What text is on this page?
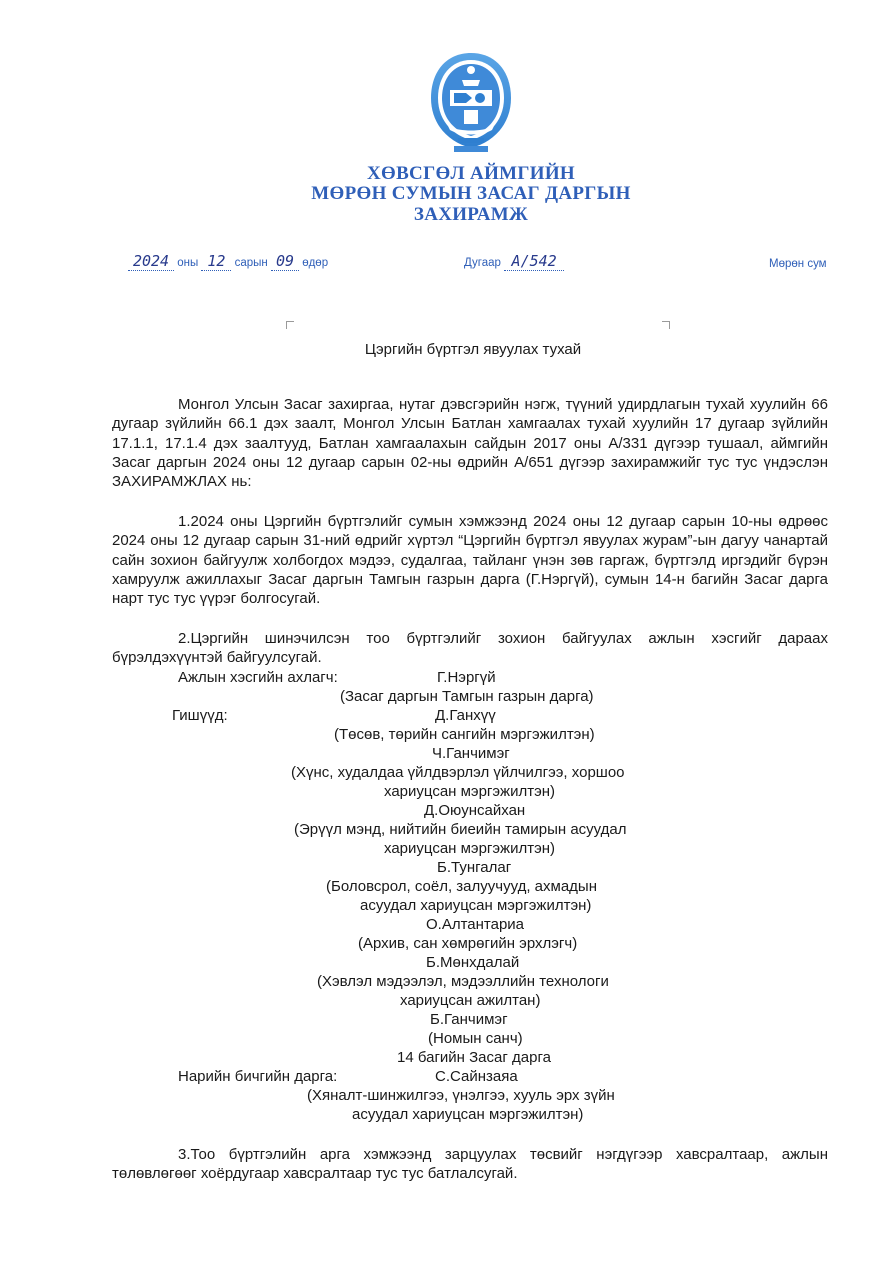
ХӨВСГӨЛ АЙМГИЙН
МӨРӨН СУМЫН ЗАСАГ ДАРГЫН
ЗАХИРАМЖ
2024 оны 12 сарын 09 өдөр	Дугаар А/542	Мөрөн сум
Цэргийн бүртгэл явуулах тухай
Монгол Улсын Засаг захиргаа, нутаг дэвсгэрийн нэгж, түүний удирдлагын тухай хуулийн 66 дугаар зүйлийн 66.1 дэх заалт, Монгол Улсын Батлан хамгаалах тухай хуулийн 17 дугаар зүйлийн 17.1.1, 17.1.4 дэх заалтууд, Батлан хамгаалахын сайдын 2017 оны А/331 дүгээр тушаал, аймгийн Засаг даргын 2024 оны 12 дугаар сарын 02-ны өдрийн А/651 дүгээр захирамжийг тус тус үндэслэн ЗАХИРАМЖЛАХ нь:
1.2024 оны Цэргийн бүртгэлийг сумын хэмжээнд 2024 оны 12 дугаар сарын 10-ны өдрөөс 2024 оны 12 дугаар сарын 31-ний өдрийг хүртэл “Цэргийн бүртгэл явуулах журам”-ын дагуу чанартай сайн зохион байгуулж холбогдох мэдээ, судалгаа, тайланг үнэн зөв гаргаж, бүртгэлд иргэдийг бүрэн хамруулж ажиллахыг Засаг даргын Тамгын газрын дарга (Г.Нэргүй), сумын 14-н багийн Засаг дарга нарт тус тус үүрэг болгосугай.
2.Цэргийн шинэчилсэн тоо бүртгэлийг зохион байгуулах ажлын хэсгийг дараах бүрэлдэхүүнтэй байгуулсугай.
Ажлын хэсгийн ахлагч:	Г.Нэргүй
(Засаг даргын Тамгын газрын дарга)
Гишүүд:	Д.Ганхүү
(Төсөв, төрийн сангийн мэргэжилтэн)
Ч.Ганчимэг
(Хүнс, худалдаа үйлдвэрлэл үйлчилгээ, хоршоо
хариуцсан мэргэжилтэн)
Д.Оюунсайхан
(Эрүүл мэнд, нийтийн биеийн тамирын асуудал
хариуцсан мэргэжилтэн)
Б.Тунгалаг
(Боловсрол, соёл, залуучууд, ахмадын
асуудал хариуцсан мэргэжилтэн)
О.Алтантариа
(Архив, сан хөмрөгийн эрхлэгч)
Б.Мөнхдалай
(Хэвлэл мэдээлэл, мэдээллийн технологи
хариуцсан ажилтан)
Б.Ганчимэг
(Номын санч)
14 багийн Засаг дарга
Нарийн бичгийн дарга:	С.Сайнзаяа
(Хяналт-шинжилгээ, үнэлгээ, хууль эрх зүйн
асуудал хариуцсан мэргэжилтэн)
3.Тоо бүртгэлийн арга хэмжээнд зарцуулах төсвийг нэгдүгээр хавсралтаар, ажлын төлөвлөгөөг хоёрдугаар хавсралтаар тус тус батлалсугай.
